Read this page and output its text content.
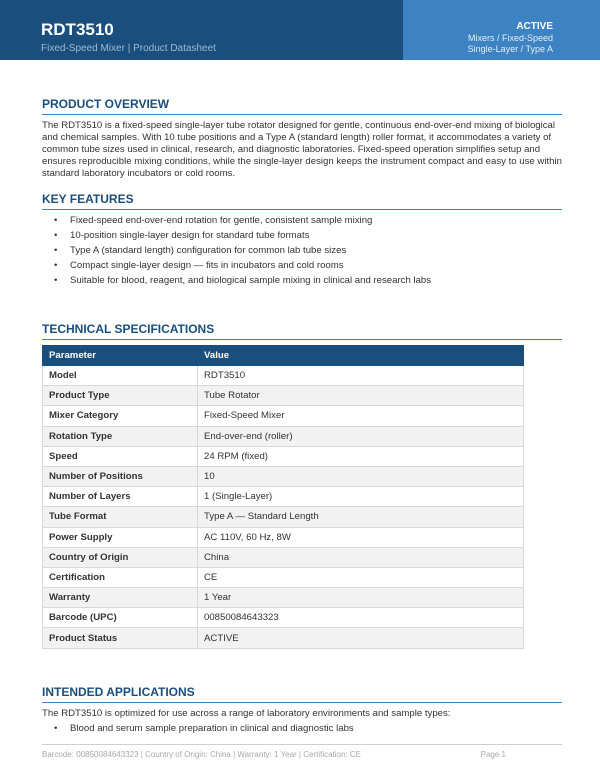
RDT3510
Fixed-Speed Mixer | Product Datasheet
ACTIVE
Mixers / Fixed-Speed
Single-Layer / Type A
PRODUCT OVERVIEW
The RDT3510 is a fixed-speed single-layer tube rotator designed for gentle, continuous end-over-end mixing of biological and chemical samples. With 10 tube positions and a Type A (standard length) roller format, it accommodates a variety of common tube sizes used in clinical, research, and diagnostic laboratories. Fixed-speed operation simplifies setup and ensures reproducible mixing conditions, while the single-layer design keeps the instrument compact and easy to use within standard laboratory incubators or cold rooms.
KEY FEATURES
• Fixed-speed end-over-end rotation for gentle, consistent sample mixing
• 10-position single-layer design for standard tube formats
• Type A (standard length) configuration for common lab tube sizes
• Compact single-layer design — fits in incubators and cold rooms
• Suitable for blood, reagent, and biological sample mixing in clinical and research labs
TECHNICAL SPECIFICATIONS
Parameter	Value
Model	RDT3510
Product Type	Tube Rotator
Mixer Category	Fixed-Speed Mixer
Rotation Type	End-over-end (roller)
Speed	24 RPM (fixed)
Number of Positions	10
Number of Layers	1 (Single-Layer)
Tube Format	Type A — Standard Length
Power Supply	AC 110V, 60 Hz, 8W
Country of Origin	China
Certification	CE
Warranty	1 Year
Barcode (UPC)	00850084643323
Product Status	ACTIVE
INTENDED APPLICATIONS
The RDT3510 is optimized for use across a range of laboratory environments and sample types:
• Blood and serum sample preparation in clinical and diagnostic labs
Barcode: 00850084643323 | Country of Origin: China | Warranty: 1 Year | Certification: CE	Page 1
